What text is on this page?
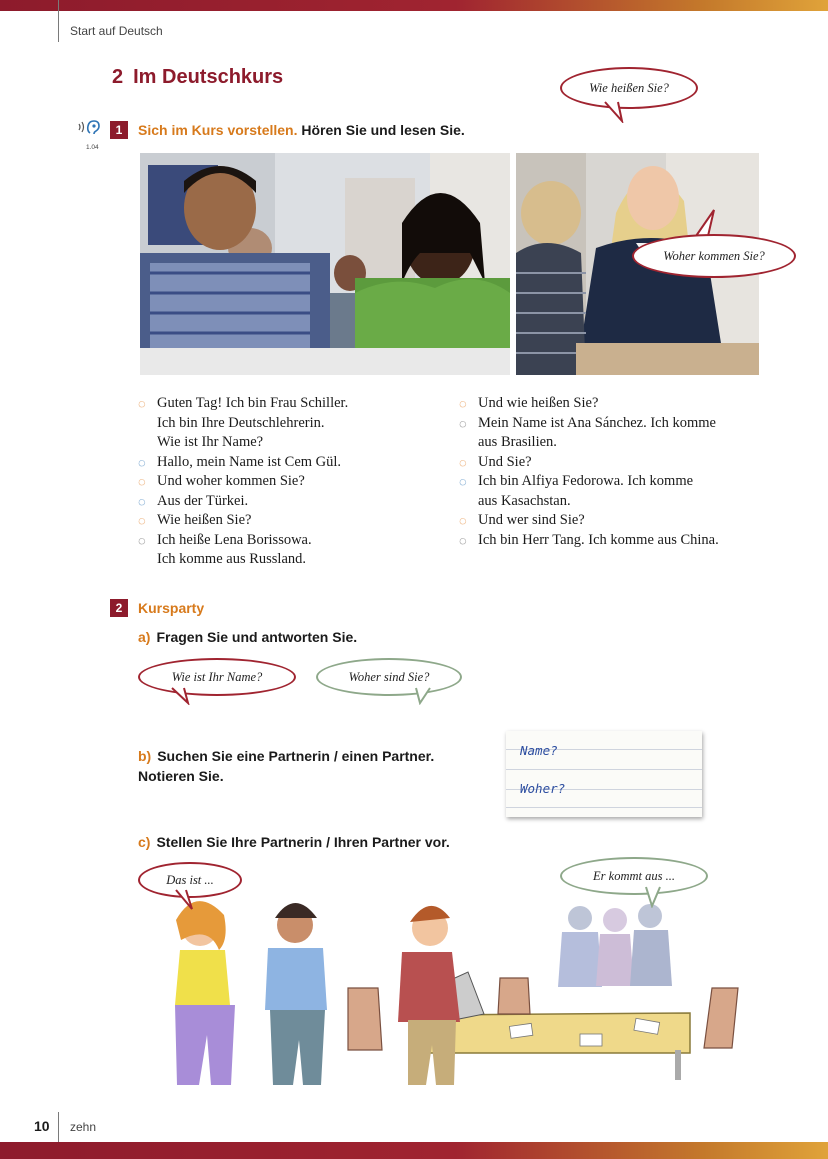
Start auf Deutsch
2 Im Deutschkurs
1.04
1	Sich im Kurs vorstellen. Hören Sie und lesen Sie.
Wie heißen Sie?
Woher kommen Sie?
◌ Guten Tag! Ich bin Frau Schiller.
Ich bin Ihre Deutschlehrerin.
Wie ist Ihr Name?
◌ Hallo, mein Name ist Cem Gül.
◌ Und woher kommen Sie?
◌ Aus der Türkei.
◌ Wie heißen Sie?
◌ Ich heiße Lena Borissowa.
Ich komme aus Russland.
◌ Und wie heißen Sie?
◌ Mein Name ist Ana Sánchez. Ich komme
aus Brasilien.
◌ Und Sie?
◌ Ich bin Alfiya Fedorowa. Ich komme
aus Kasachstan.
◌ Und wer sind Sie?
◌ Ich bin Herr Tang. Ich komme aus China.
2	Kursparty
a) Fragen Sie und antworten Sie.
Wie ist Ihr Name?	Woher sind Sie?

b) Suchen Sie eine Partnerin / einen Partner.
Notieren Sie.

Name?
Woher?
c) Stellen Sie Ihre Partnerin / Ihren Partner vor.
Das ist ...	Er kommt aus ...
10 zehn
